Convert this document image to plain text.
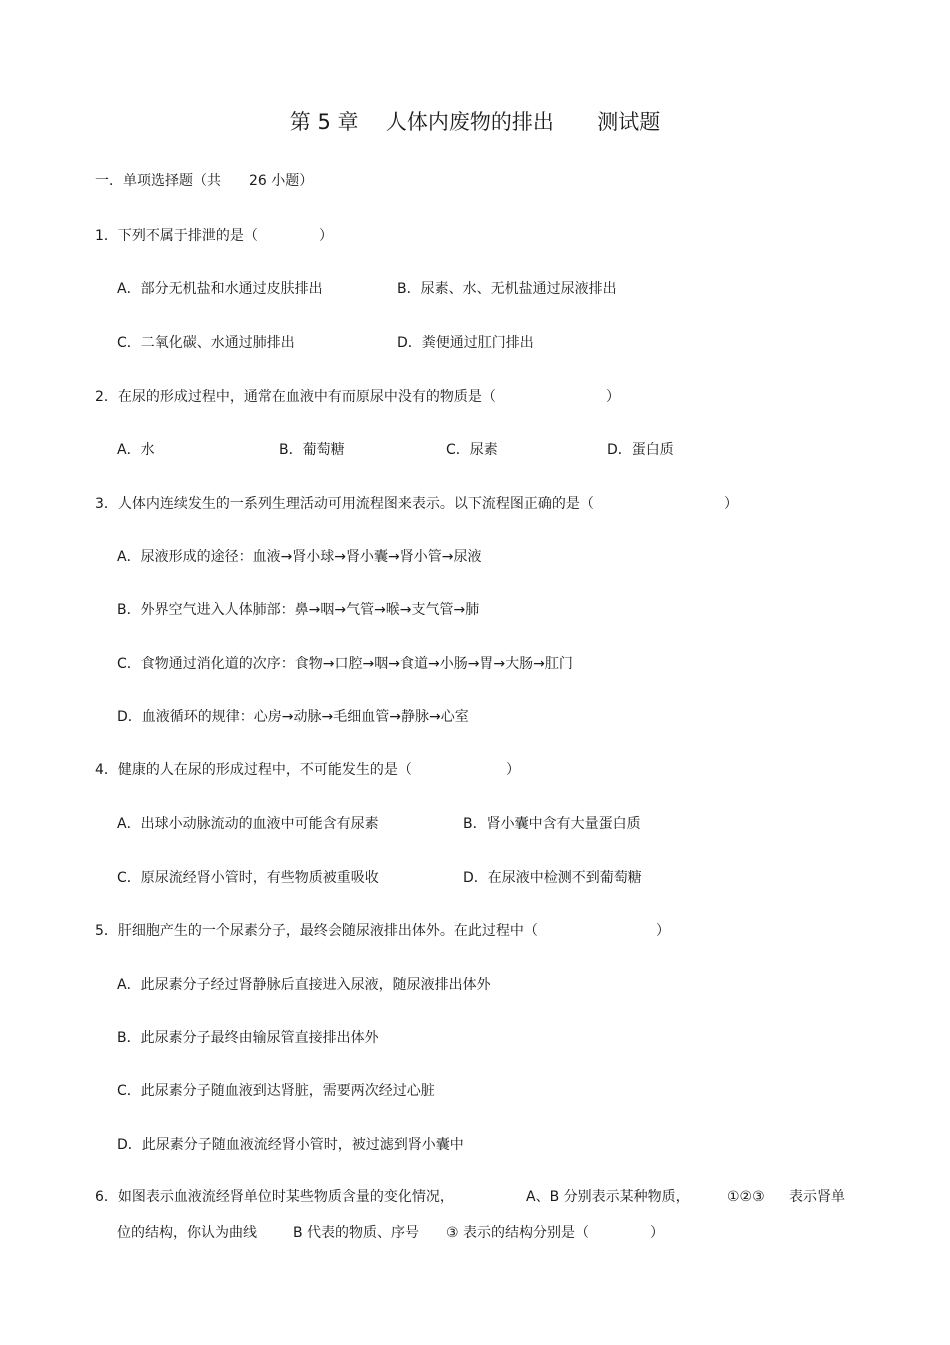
第 5 章 人体内废物的排出 测试题
一．单项选择题（共 26 小题）
1．下列不属于排泄的是（	）
A．部分无机盐和水通过皮肤排出	B．尿素、水、无机盐通过尿液排出
C．二氧化碳、水通过肺排出	D．粪便通过肛门排出
2．在尿的形成过程中，通常在血液中有而原尿中没有的物质是（	）
A．水	B．葡萄糖	C．尿素	D．蛋白质
3．人体内连续发生的一系列生理活动可用流程图来表示。以下流程图正确的是（	）
A．尿液形成的途径：血液→肾小球→肾小囊→肾小管→尿液
B．外界空气进入人体肺部：鼻→咽→气管→喉→支气管→肺
C．食物通过消化道的次序：食物→口腔→咽→食道→小肠→胃→大肠→肛门
D．血液循环的规律：心房→动脉→毛细血管→静脉→心室
4．健康的人在尿的形成过程中，不可能发生的是（	）
A．出球小动脉流动的血液中可能含有尿素	B．肾小囊中含有大量蛋白质
C．原尿流经肾小管时，有些物质被重吸收	D．在尿液中检测不到葡萄糖
5．肝细胞产生的一个尿素分子，最终会随尿液排出体外。在此过程中（	）
A．此尿素分子经过肾静脉后直接进入尿液，随尿液排出体外
B．此尿素分子最终由输尿管直接排出体外
C．此尿素分子随血液到达肾脏，需要两次经过心脏
D．此尿素分子随血液流经肾小管时，被过滤到肾小囊中
6．如图表示血液流经肾单位时某些物质含量的变化情况，	A、B 分别表示某种物质，	①②③ 表示肾单
位的结构，你认为曲线	B 代表的物质、序号 ③ 表示的结构分别是（	）
